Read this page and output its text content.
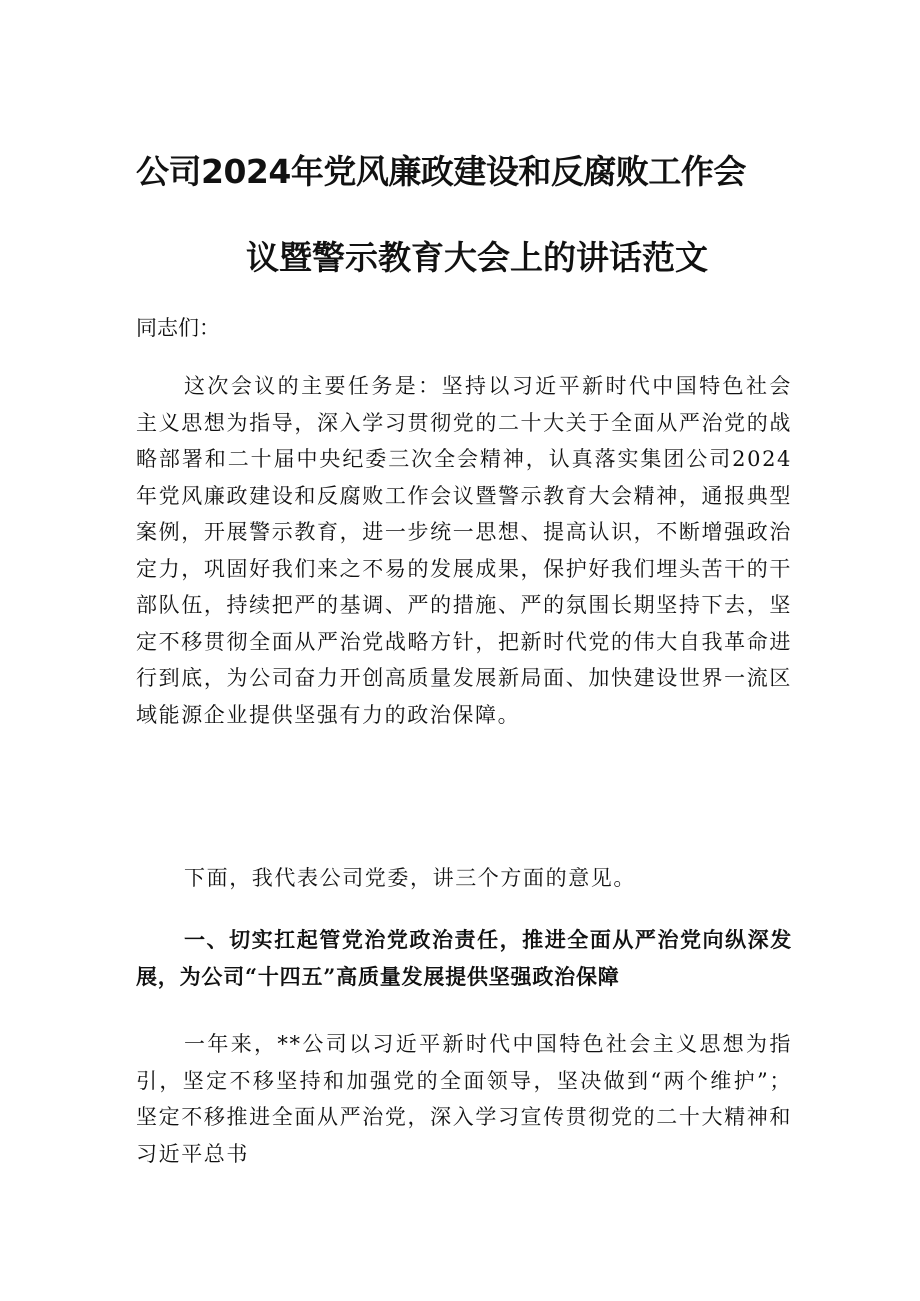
公司2024年党风廉政建设和反腐败工作会
议暨警示教育大会上的讲话范文

同志们：

这次会议的主要任务是：坚持以习近平新时代中国特色社会主义思想为指导，深入学习贯彻党的二十大关于全面从严治党的战略部署和二十届中央纪委三次全会精神，认真落实集团公司2024年党风廉政建设和反腐败工作会议暨警示教育大会精神，通报典型案例，开展警示教育，进一步统一思想、提高认识，不断增强政治定力，巩固好我们来之不易的发展成果，保护好我们埋头苦干的干部队伍，持续把严的基调、严的措施、严的氛围长期坚持下去，坚定不移贯彻全面从严治党战略方针，把新时代党的伟大自我革命进行到底，为公司奋力开创高质量发展新局面、加快建设世界一流区域能源企业提供坚强有力的政治保障。

下面，我代表公司党委，讲三个方面的意见。

一、切实扛起管党治党政治责任，推进全面从严治党向纵深发展，为公司“十四五”高质量发展提供坚强政治保障

一年来，**公司以习近平新时代中国特色社会主义思想为指引，坚定不移坚持和加强党的全面领导，坚决做到“两个维护”；坚定不移推进全面从严治党，深入学习宣传贯彻党的二十大精神和习近平总书
